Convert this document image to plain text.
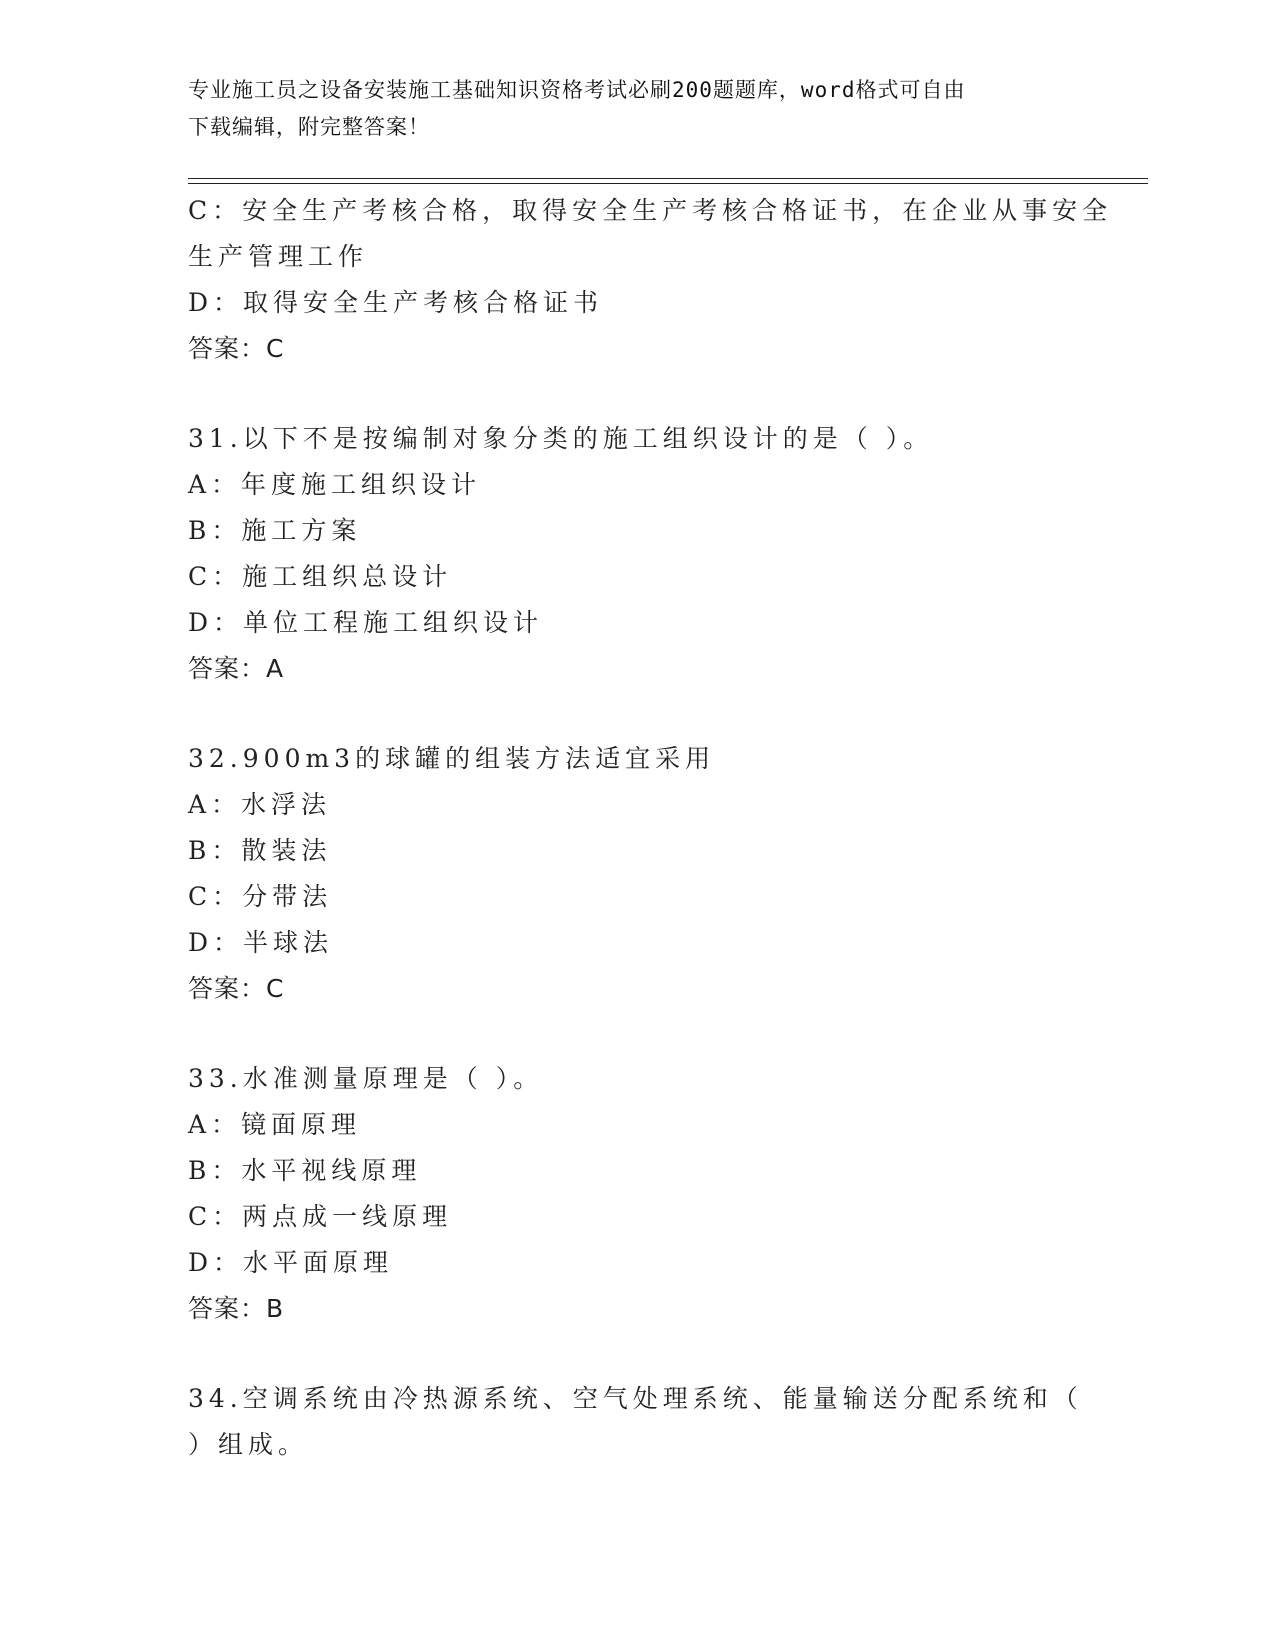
专业施工员之设备安装施工基础知识资格考试必刷200题题库，word格式可自由
下载编辑，附完整答案！
C：安全生产考核合格，取得安全生产考核合格证书，在企业从事安全
生产管理工作
D：取得安全生产考核合格证书
答案：C
31.以下不是按编制对象分类的施工组织设计的是（ ）。
A：年度施工组织设计
B：施工方案
C：施工组织总设计
D：单位工程施工组织设计
答案：A
32.900m3的球罐的组装方法适宜采用
A：水浮法
B：散装法
C：分带法
D：半球法
答案：C
33.水准测量原理是（ ）。
A：镜面原理
B：水平视线原理
C：两点成一线原理
D：水平面原理
答案：B
34.空调系统由冷热源系统、空气处理系统、能量输送分配系统和（
）组成。
